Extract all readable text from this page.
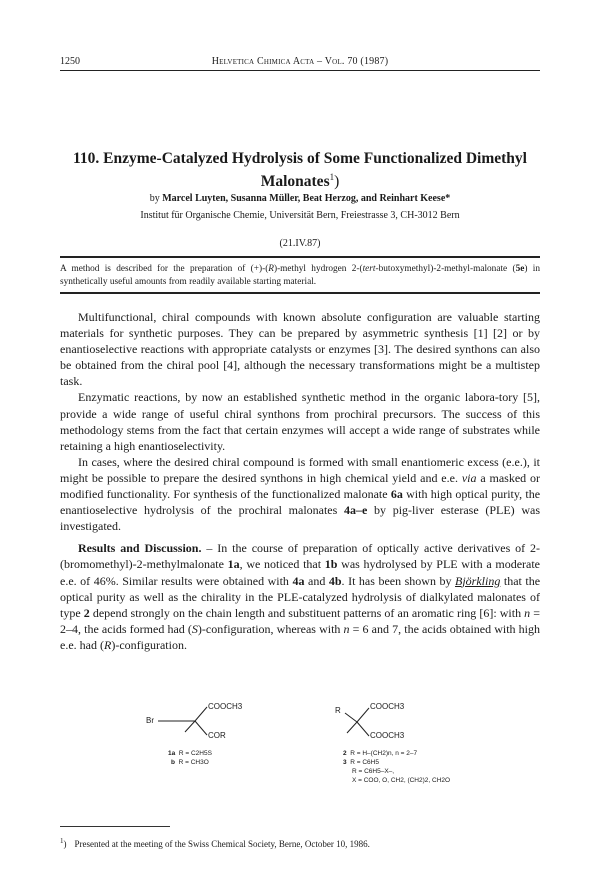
1250	Helvetica Chimica Acta – Vol. 70 (1987)
110. Enzyme-Catalyzed Hydrolysis of Some Functionalized Dimethyl Malonates$^1$)
by Marcel Luyten, Susanna Müller, Beat Herzog, and Reinhart Keese*
Institut für Organische Chemie, Universität Bern, Freiestrasse 3, CH-3012 Bern
(21.IV.87)
A method is described for the preparation of (+)-(R)-methyl hydrogen 2-(tert-butoxymethyl)-2-methyl-malonate (5e) in synthetically useful amounts from readily available starting material.

Multifunctional, chiral compounds with known absolute configuration are valuable starting materials for synthetic purposes. They can be prepared by asymmetric synthesis [1] [2] or by enantioselective reactions with appropriate catalysts or enzymes [3]. The desired synthons can also be obtained from the chiral pool [4], although the necessary transformations might be a multistep task.

Enzymatic reactions, by now an established synthetic method in the organic labora-tory [5], provide a wide range of useful chiral synthons from prochiral precursors. The success of this methodology stems from the fact that certain enzymes will accept a wide range of substrates while retaining a high enantioselectivity.

In cases, where the desired chiral compound is formed with small enantiomeric excess (e.e.), it might be possible to prepare the desired synthons in high chemical yield and e.e. via a masked or modified functionality. For synthesis of the functionalized malonate 6a with high optical purity, the enantioselective hydrolysis of the prochiral malonates 4a–e by pig-liver esterase (PLE) was investigated.

Results and Discussion. – In the course of preparation of optically active derivatives of 2-(bromomethyl)-2-methylmalonate 1a, we noticed that 1b was hydrolysed by PLE with a moderate e.e. of 46%. Similar results were obtained with 4a and 4b. It has been shown by Björkling that the optical purity as well as the chirality in the PLE-catalyzed hydrolysis of dialkylated malonates of type 2 depend strongly on the chain length and substituent patterns of an aromatic ring [6]: with n = 2–4, the acids formed had (S)-configuration, whereas with n = 6 and 7, the acids obtained with high e.e. had (R)-configuration.

Br
COOCH3
COR
1a R = C2H5S
b R = CH3O
R	COOCH3
COOCH3
2 R = H–(CH2)n, n = 2–7
3 R = C6H5
R = C6H5–X–,
X = COO, O, CH2, (CH2)2, CH2O
$^1$) Presented at the meeting of the Swiss Chemical Society, Berne, October 10, 1986.
